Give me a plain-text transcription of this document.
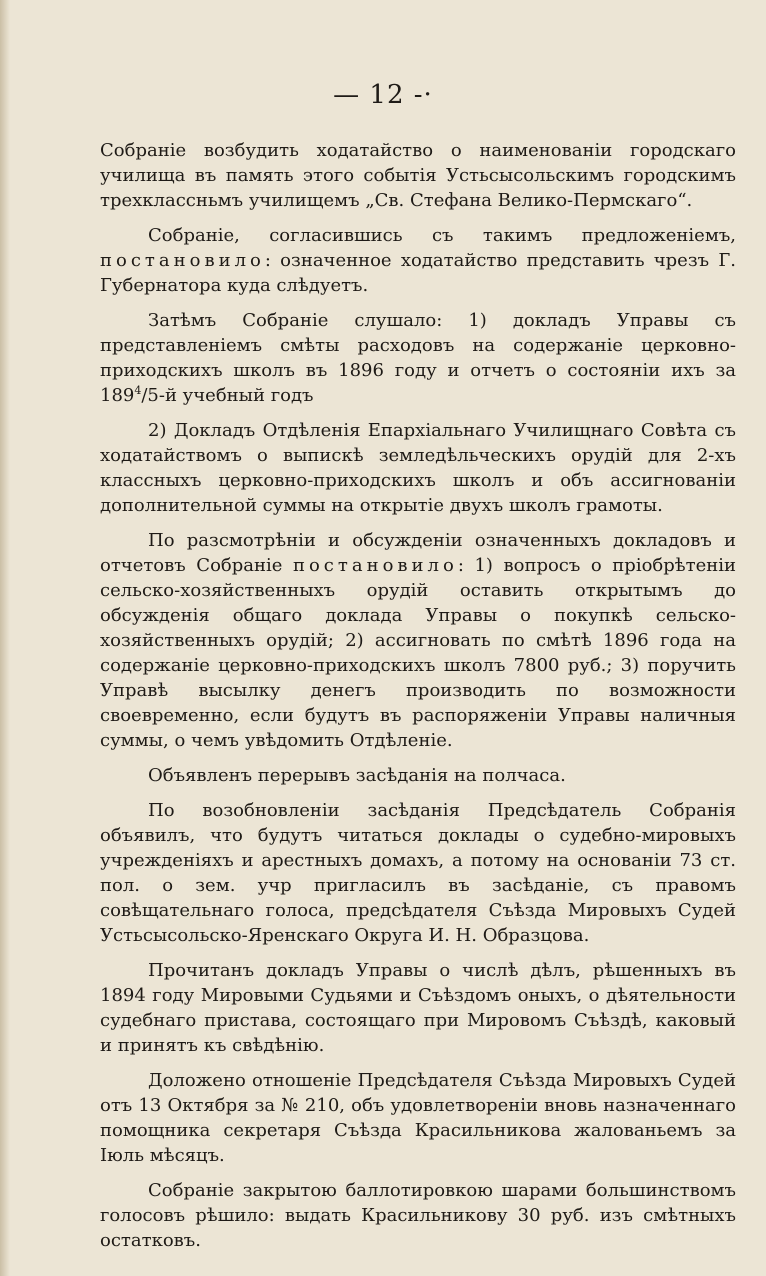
— 12 -·

Собраніе возбудить ходатайство о наименованіи городскаго училища въ память этого событія Устьсысольскимъ городскимъ трехклассньмъ училищемъ „Св. Стефана Велико-Пермскаго“.

Собраніе, согласившись съ такимъ предложеніемъ, постановило: означенное ходатайство представить чрезъ Г. Губернатора куда слѣдуетъ.

Затѣмъ Собраніе слушало: 1) докладъ Управы съ представленіемъ смѣты расходовъ на содержаніе церковно-приходскихъ школъ въ 1896 году и отчетъ о состояніи ихъ за $189^4/5-й$ учебный годъ

2) Докладъ Отдѣленія Епархіальнаго Училищнаго Совѣта съ ходатайствомъ о выпискѣ земледѣльческихъ орудій для 2-хъ классныхъ церковно-приходскихъ школъ и объ ассигнованіи дополнительной суммы на открытіе двухъ школъ грамоты.

По разсмотрѣніи и обсужденіи означенныхъ докладовъ и отчетовъ Собраніе постановило: 1) вопросъ о пріобрѣтеніи сельско-хозяйственныхъ орудій оставить открытымъ до обсужденія общаго доклада Управы о покупкѣ сельско-хозяйственныхъ орудій; 2) ассигновать по смѣтѣ 1896 года на содержаніе церковно-приходскихъ школъ 7800 руб.; 3) поручить Управѣ высылку денегъ производить по возможности своевременно, если будутъ въ распоряженіи Управы наличныя суммы, о чемъ увѣдомить Отдѣленіе.

Объявленъ перерывъ засѣданія на полчаса.

По возобновленіи засѣданія Предсѣдатель Собранія объявилъ, что будутъ читаться доклады о судебно-мировыхъ учрежденіяхъ и арестныхъ домахъ, а потому на основаніи 73 ст. пол. о зем. учр пригласилъ въ засѣданіе, съ правомъ совѣщательнаго голоса, предсѣдателя Съѣзда Мировыхъ Судей Устьсысольско-Яренскаго Округа И. Н. Образцова.

Прочитанъ докладъ Управы о числѣ дѣлъ, рѣшенныхъ въ 1894 году Мировыми Судьями и Съѣздомъ оныхъ, о дѣятельности судебнаго пристава, состоящаго при Мировомъ Съѣздѣ, каковый и принятъ къ свѣдѣнію.

Доложено отношеніе Предсѣдателя Съѣзда Мировыхъ Судей отъ 13 Октября за № 210, объ удовлетвореніи вновь назначеннаго помощника секретаря Съѣзда Красильникова жалованьемъ за Іюль мѣсяцъ.

Собраніе закрытою баллотировкою шарами большинствомъ голосовъ рѣшило: выдать Красильникову 30 руб. изъ смѣтныхъ остатковъ.
